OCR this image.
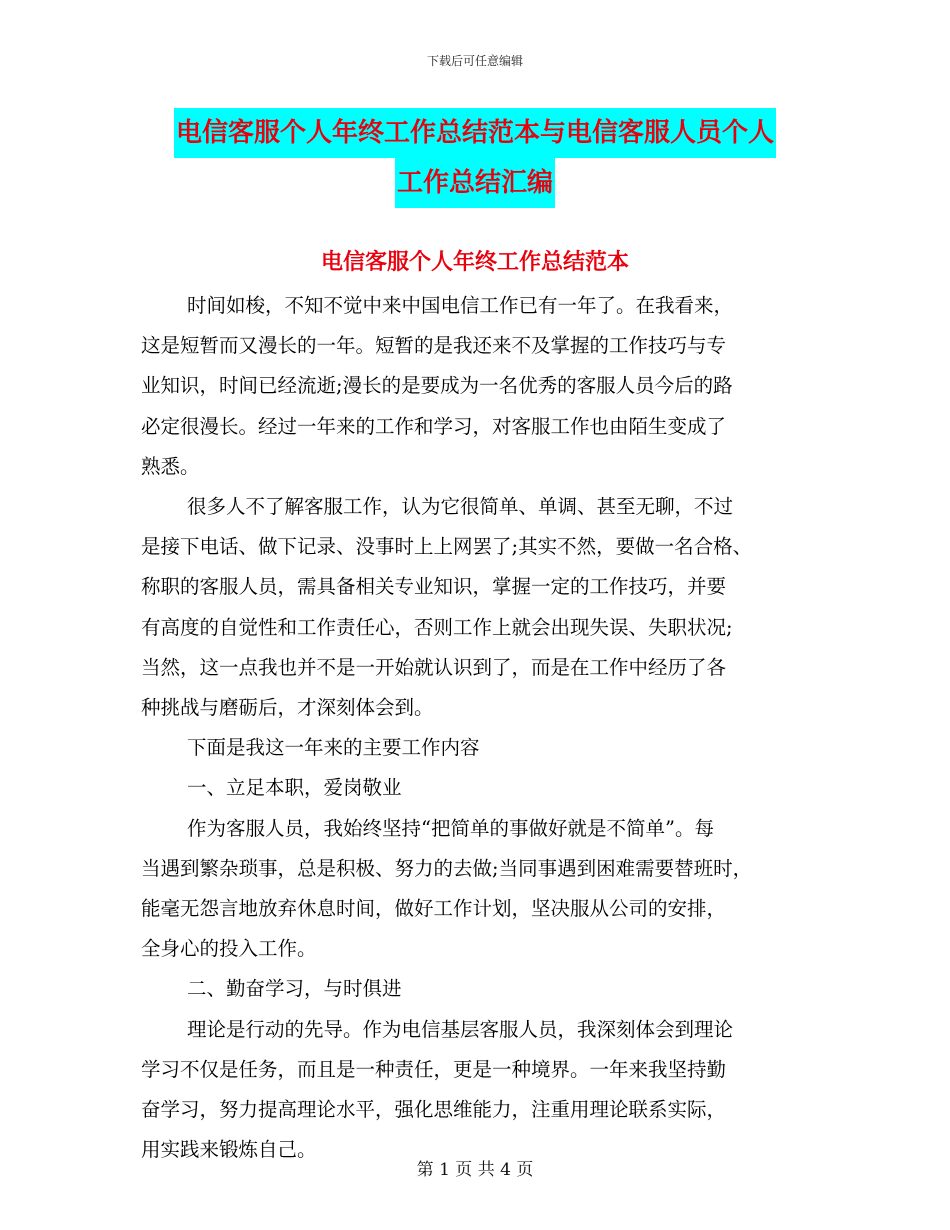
下载后可任意编辑
电信客服个人年终工作总结范本与电信客服人员个人
工作总结汇编
电信客服个人年终工作总结范本

时间如梭，不知不觉中来中国电信工作已有一年了。在我看来，
这是短暂而又漫长的一年。短暂的是我还来不及掌握的工作技巧与专
业知识，时间已经流逝;漫长的是要成为一名优秀的客服人员今后的路
必定很漫长。经过一年来的工作和学习，对客服工作也由陌生变成了
熟悉。

很多人不了解客服工作，认为它很简单、单调、甚至无聊，不过
是接下电话、做下记录、没事时上上网罢了;其实不然，要做一名合格、
称职的客服人员，需具备相关专业知识，掌握一定的工作技巧，并要
有高度的自觉性和工作责任心，否则工作上就会出现失误、失职状况;
当然，这一点我也并不是一开始就认识到了，而是在工作中经历了各
种挑战与磨砺后，才深刻体会到。

下面是我这一年来的主要工作内容

一、立足本职，爱岗敬业

作为客服人员，我始终坚持“把简单的事做好就是不简单”。每
当遇到繁杂琐事，总是积极、努力的去做;当同事遇到困难需要替班时，
能毫无怨言地放弃休息时间，做好工作计划，坚决服从公司的安排，
全身心的投入工作。

二、勤奋学习，与时俱进

理论是行动的先导。作为电信基层客服人员，我深刻体会到理论
学习不仅是任务，而且是一种责任，更是一种境界。一年来我坚持勤
奋学习，努力提高理论水平，强化思维能力，注重用理论联系实际，
用实践来锻炼自己。

第 1 页 共 4 页
